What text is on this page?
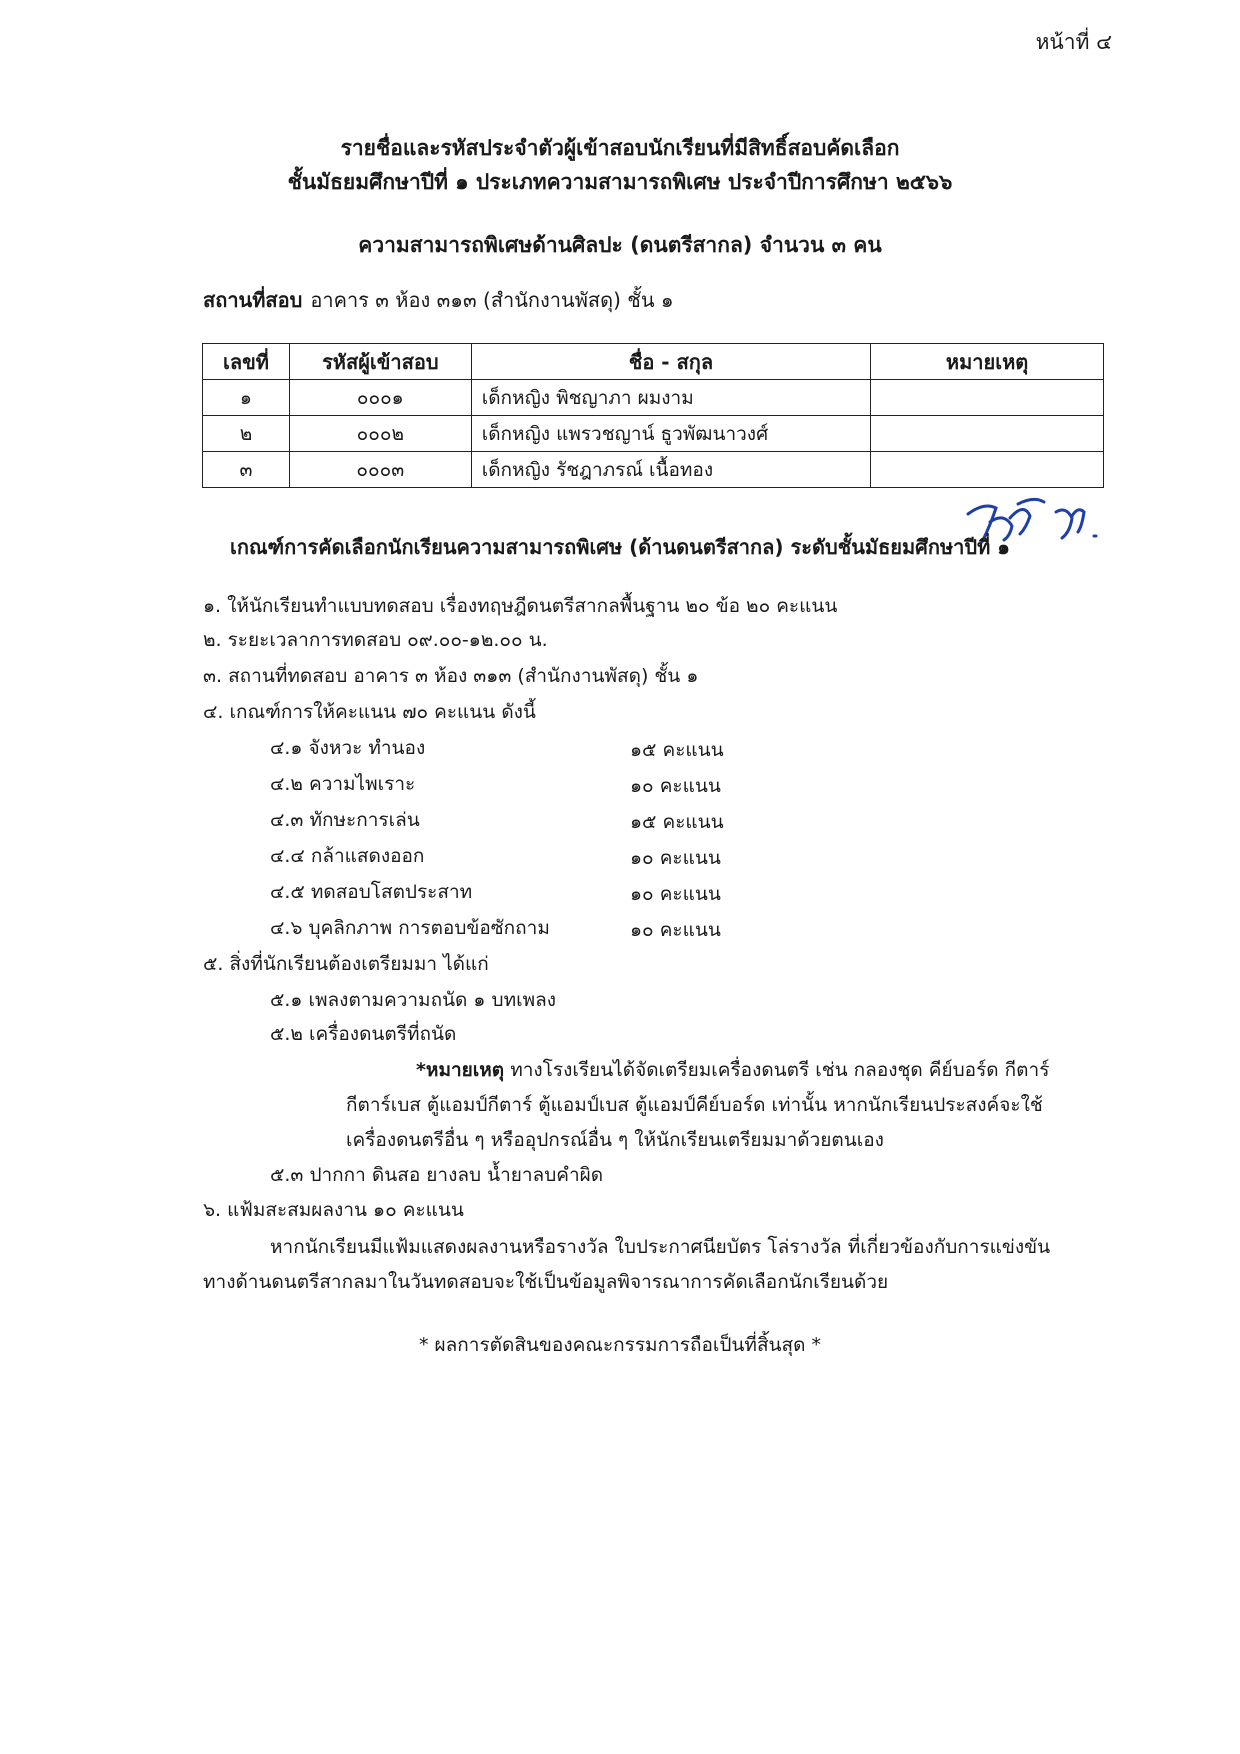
หน้าที่ ๔
รายชื่อและรหัสประจำตัวผู้เข้าสอบนักเรียนที่มีสิทธิ์สอบคัดเลือก
ชั้นมัธยมศึกษาปีที่ ๑ ประเภทความสามารถพิเศษ ประจำปีการศึกษา ๒๕๖๖
ความสามารถพิเศษด้านศิลปะ (ดนตรีสากล) จำนวน ๓ คน
สถานที่สอบ อาคาร ๓ ห้อง ๓๑๓ (สำนักงานพัสดุ) ชั้น ๑
เลขที่	รหัสผู้เข้าสอบ	ชื่อ - สกุล	หมายเหตุ
๑	๐๐๐๑	เด็กหญิง พิชญาภา ผมงาม	
๒	๐๐๐๒	เด็กหญิง แพรวชญาน์ ธูวพัฒนาวงศ์	
๓	๐๐๐๓	เด็กหญิง รัชฎาภรณ์ เนื้อทอง	
เกณฑ์การคัดเลือกนักเรียนความสามารถพิเศษ (ด้านดนตรีสากล) ระดับชั้นมัธยมศึกษาปีที่ ๑
๑. ให้นักเรียนทำแบบทดสอบ เรื่องทฤษฎีดนตรีสากลพื้นฐาน ๒๐ ข้อ ๒๐ คะแนน
๒. ระยะเวลาการทดสอบ ๐๙.๐๐-๑๒.๐๐ น.
๓. สถานที่ทดสอบ อาคาร ๓ ห้อง ๓๑๓ (สำนักงานพัสดุ) ชั้น ๑
๔. เกณฑ์การให้คะแนน ๗๐ คะแนน ดังนี้
๔.๑ จังหวะ ทำนอง	๑๕ คะแนน
๔.๒ ความไพเราะ	๑๐ คะแนน
๔.๓ ทักษะการเล่น	๑๕ คะแนน
๔.๔ กล้าแสดงออก	๑๐ คะแนน
๔.๕ ทดสอบโสตประสาท	๑๐ คะแนน
๔.๖ บุคลิกภาพ การตอบข้อซักถาม	๑๐ คะแนน
๕. สิ่งที่นักเรียนต้องเตรียมมา ได้แก่
๕.๑ เพลงตามความถนัด ๑ บทเพลง
๕.๒ เครื่องดนตรีที่ถนัด
*หมายเหตุ ทางโรงเรียนได้จัดเตรียมเครื่องดนตรี เช่น กลองชุด คีย์บอร์ด กีตาร์
กีตาร์เบส ตู้แอมป์กีตาร์ ตู้แอมป์เบส ตู้แอมป์คีย์บอร์ด เท่านั้น หากนักเรียนประสงค์จะใช้
เครื่องดนตรีอื่น ๆ หรืออุปกรณ์อื่น ๆ ให้นักเรียนเตรียมมาด้วยตนเอง
๕.๓ ปากกา ดินสอ ยางลบ น้ำยาลบคำผิด
๖. แฟ้มสะสมผลงาน ๑๐ คะแนน
หากนักเรียนมีแฟ้มแสดงผลงานหรือรางวัล ใบประกาศนียบัตร โล่รางวัล ที่เกี่ยวข้องกับการแข่งขัน
ทางด้านดนตรีสากลมาในวันทดสอบจะใช้เป็นข้อมูลพิจารณาการคัดเลือกนักเรียนด้วย
* ผลการตัดสินของคณะกรรมการถือเป็นที่สิ้นสุด *
